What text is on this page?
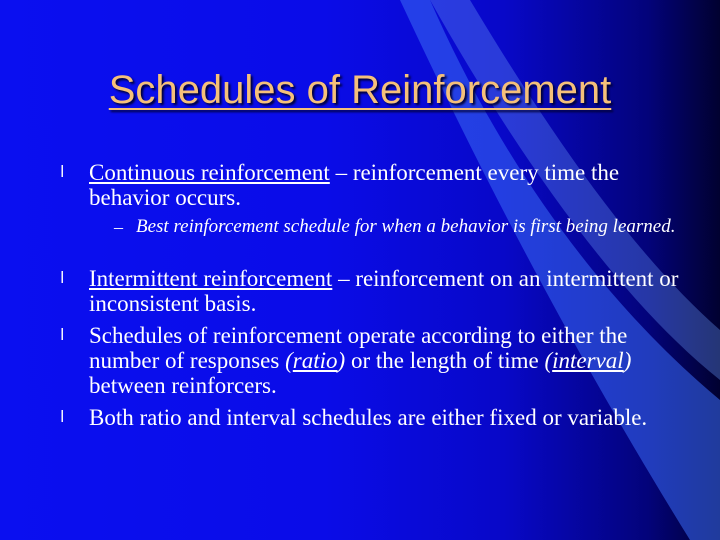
Schedules of Reinforcement
l Continuous reinforcement – reinforcement every time the behavior occurs.
– Best reinforcement schedule for when a behavior is first being learned.
l Intermittent reinforcement – reinforcement on an intermittent or inconsistent basis.
l Schedules of reinforcement operate according to either the number of responses (ratio) or the length of time (interval) between reinforcers.
l Both ratio and interval schedules are either fixed or variable.
